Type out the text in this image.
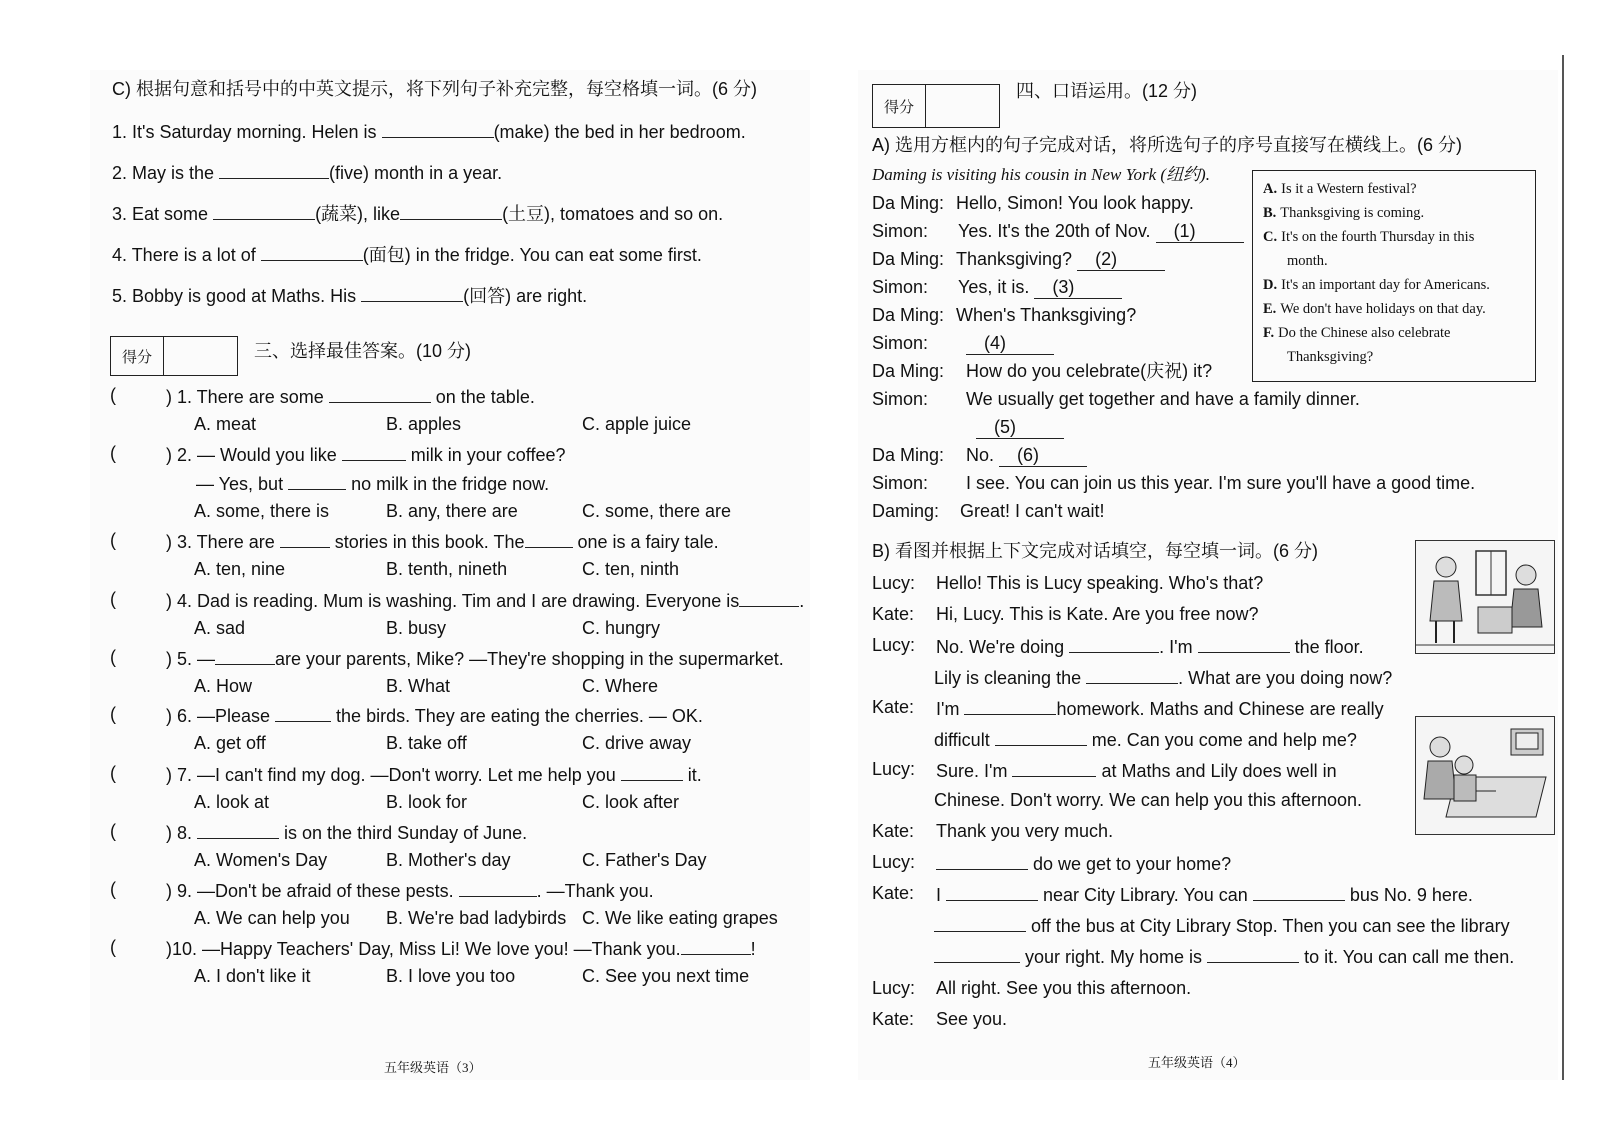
C) 根据句意和括号中的中英文提示，将下列句子补充完整，每空格填一词。(6 分)
1. It's Saturday morning. Helen is	(make) the bed in her bedroom.
2. May is the	(five) month in a year.
3. Eat some	(蔬菜), like	(土豆), tomatoes and so on.
4. There is a lot of	(面包) in the fridge. You can eat some first.
5. Bobby is good at Maths. His	(回答) are right.
得分	三、选择最佳答案。(10 分)
(	) 1. There are some	on the table.
A. meat	B. apples	C. apple juice
(	) 2. — Would you like	milk in your coffee?
— Yes, but	no milk in the fridge now.
A. some, there is	B. any, there are	C. some, there are
(	) 3. There are	stories in this book. The	one is a fairy tale.
A. ten, nine	B. tenth, nineth	C. ten, ninth
(	) 4. Dad is reading. Mum is washing. Tim and I are drawing. Everyone is	.
A. sad	B. busy	C. hungry
(	) 5. —	are your parents, Mike? —They're shopping in the supermarket.
A. How	B. What	C. Where
(	) 6. —Please	the birds. They are eating the cherries. — OK.
A. get off	B. take off	C. drive away
(	) 7. —I can't find my dog. —Don't worry. Let me help you	it.
A. look at	B. look for	C. look after
(	) 8.	is on the third Sunday of June.
A. Women's Day	B. Mother's day	C. Father's Day
(	) 9. —Don't be afraid of these pests.	. —Thank you.
A. We can help you B. We're bad ladybirds C. We like eating grapes
(	)10. —Happy Teachers' Day, Miss Li! We love you! —Thank you.	!
A. I don't like it	B. I love you too	C. See you next time
五年级英语（3）
得分
四、口语运用。(12 分)
A) 选用方框内的句子完成对话，将所选句子的序号直接写在横线上。(6 分)
Daming is visiting his cousin in New York (纽约).
Da Ming: Hello, Simon! You look happy.
Simon: Yes. It's the 20th of Nov. (1)
Da Ming: Thanksgiving? (2)
Simon: Yes, it is. (3)
Da Ming: When's Thanksgiving?
Simon:	(4)
Da Ming: How do you celebrate(庆祝) it?
Simon: We usually get together and have a family dinner.
(5)
Da Ming: No. (6)
Simon: I see. You can join us this year. I'm sure you'll have a good time.
Daming: Great! I can't wait!
A. Is it a Western festival?
B. Thanksgiving is coming.
C. It's on the fourth Thursday in this
month.
D. It's an important day for Americans.
E. We don't have holidays on that day.
F. Do the Chinese also celebrate
Thanksgiving?
B) 看图并根据上下文完成对话填空，每空填一词。(6 分)
Lucy: Hello! This is Lucy speaking. Who's that?
Kate: Hi, Lucy. This is Kate. Are you free now?
Lucy: No. We're doing	. I'm	the floor.
Lily is cleaning the	. What are you doing now?
Kate: I'm	homework. Maths and Chinese are really
difficult	me. Can you come and help me?
Lucy: Sure. I'm	at Maths and Lily does well in
Chinese. Don't worry. We can help you this afternoon.
Kate: Thank you very much.
Lucy:	do we get to your home?
Kate: I	near City Library. You can	bus No. 9 here.
off the bus at City Library Stop. Then you can see the library
your right. My home is	to it. You can call me then.
Lucy: All right. See you this afternoon.
Kate: See you.
五年级英语（4）
